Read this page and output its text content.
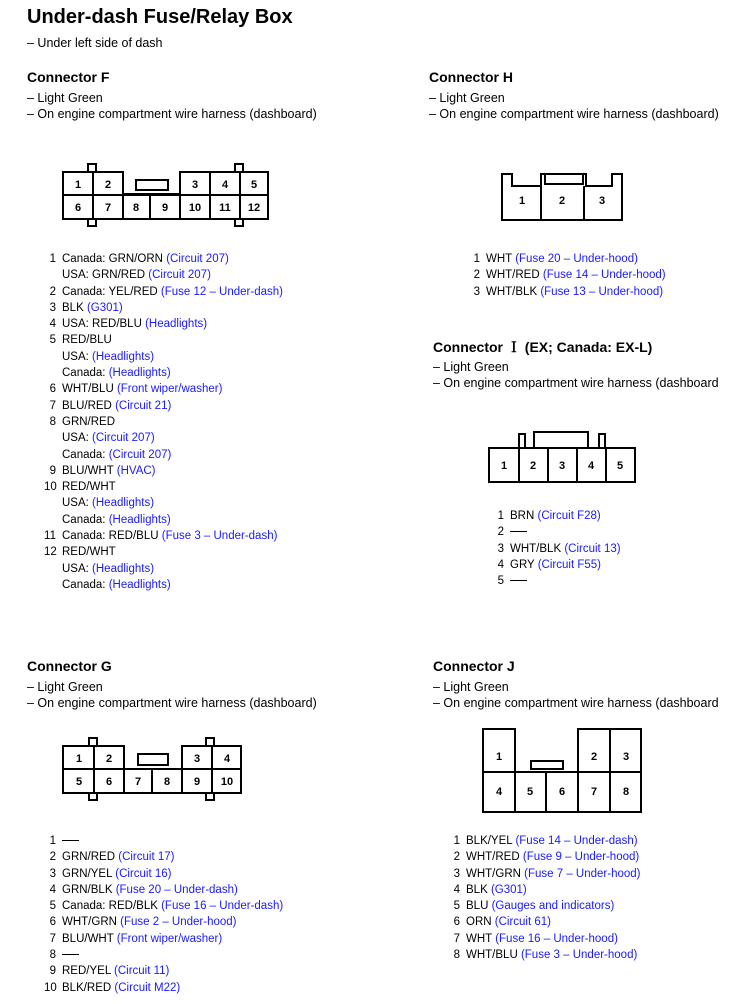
Under-dash Fuse/Relay Box
– Under left side of dash
Connector F
– Light Green
– On engine compartment wire harness (dashboard)
1 2	3 4 5
6 7 8 9 10 11 12
1	2	3
1 2 3 4 5
1 2	3 4
5 6 7 8 9 10
1	2 3
4 5 6 7 8
1 Canada: GRN/ORN (Circuit 207)
USA: GRN/RED (Circuit 207)
2 Canada: YEL/RED (Fuse 12 – Under-dash)
3 BLK (G301)
4 USA: RED/BLU (Headlights)
5 RED/BLU
USA: (Headlights)
Canada: (Headlights)
6 WHT/BLU (Front wiper/washer)
7 BLU/RED (Circuit 21)
8 GRN/RED
USA: (Circuit 207)
Canada: (Circuit 207)
9 BLU/WHT (HVAC)
10 RED/WHT
USA: (Headlights)
Canada: (Headlights)
11 Canada: RED/BLU (Fuse 3 – Under-dash)
12 RED/WHT
USA: (Headlights)
Canada: (Headlights)
Connector H
– Light Green
– On engine compartment wire harness (dashboard)
1 WHT (Fuse 20 – Under-hood)
2 WHT/RED (Fuse 14 – Under-hood)
3 WHT/BLK (Fuse 13 – Under-hood)
Connector Ｉ (EX; Canada: EX-L)
– Light Green
– On engine compartment wire harness (dashboard
1 BRN (Circuit F28)
2
3 WHT/BLK (Circuit 13)
4 GRY (Circuit F55)
5
Connector G
– Light Green
– On engine compartment wire harness (dashboard)
1
2 GRN/RED (Circuit 17)
3 GRN/YEL (Circuit 16)
4 GRN/BLK (Fuse 20 – Under-dash)
5 Canada: RED/BLK (Fuse 16 – Under-dash)
6 WHT/GRN (Fuse 2 – Under-hood)
7 BLU/WHT (Front wiper/washer)
8
9 RED/YEL (Circuit 11)
10 BLK/RED (Circuit M22)
Connector J
– Light Green
– On engine compartment wire harness (dashboard
1 BLK/YEL (Fuse 14 – Under-dash)
2 WHT/RED (Fuse 9 – Under-hood)
3 WHT/GRN (Fuse 7 – Under-hood)
4 BLK (G301)
5 BLU (Gauges and indicators)
6 ORN (Circuit 61)
7 WHT (Fuse 16 – Under-hood)
8 WHT/BLU (Fuse 3 – Under-hood)
